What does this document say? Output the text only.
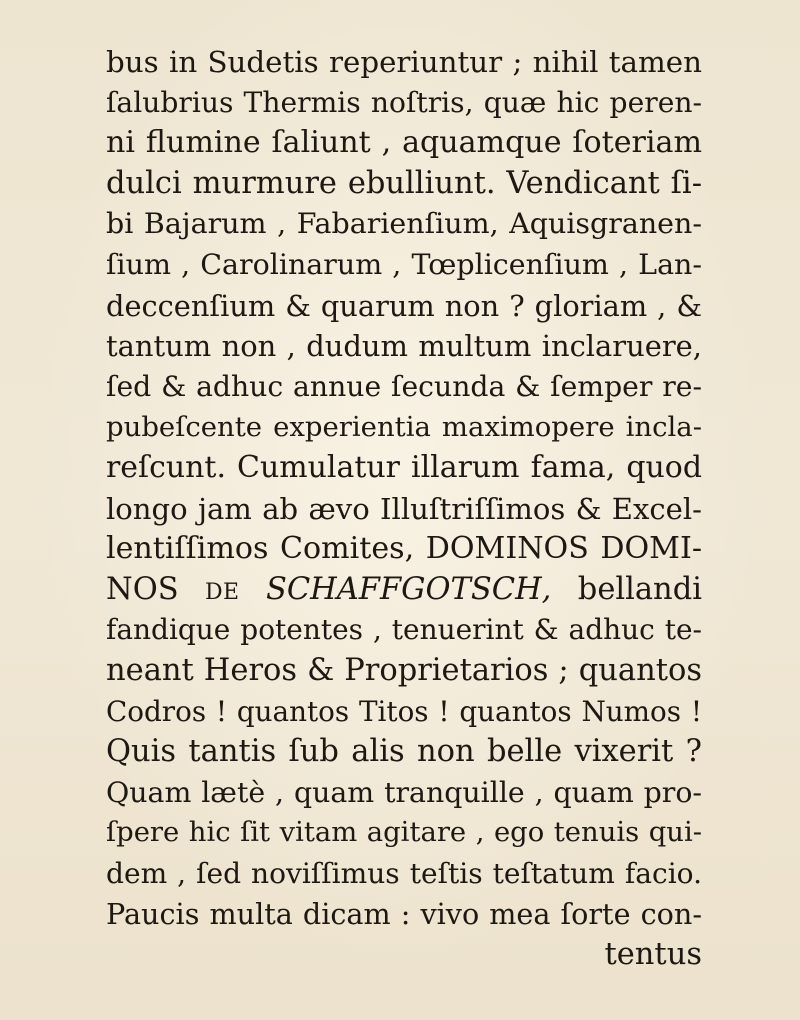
bus in Sudetis reperiuntur ; nihil tamen
ſalubrius Thermis noſtris, quæ hic peren-
ni flumine ſaliunt , aquamque ſoteriam
dulci murmure ebulliunt. Vendicant ſi-
bi Bajarum , Fabarienſium, Aquisgranen-
ſium , Carolinarum , Tœplicenſium , Lan-
deccenſium & quarum non ? gloriam , &
tantum non , dudum multum inclaruere,
ſed & adhuc annue ſecunda & ſemper re-
pubeſcente experientia maximopere incla-
reſcunt. Cumulatur illarum fama, quod
longo jam ab ævo Illuſtriſſimos & Excel-
lentiſſimos Comites, DOMINOS DOMI-
NOS DE SCHAFFGOTSCH, bellandi
fandique potentes , tenuerint & adhuc te-
neant Heros & Proprietarios ; quantos
Codros ! quantos Titos ! quantos Numos !
Quis tantis ſub alis non belle vixerit ?
Quam lætè , quam tranquille , quam pro-
ſpere hic ſit vitam agitare , ego tenuis qui-
dem , ſed noviſſimus teſtis teſtatum facio.
Paucis multa dicam : vivo mea ſorte con-
tentus
